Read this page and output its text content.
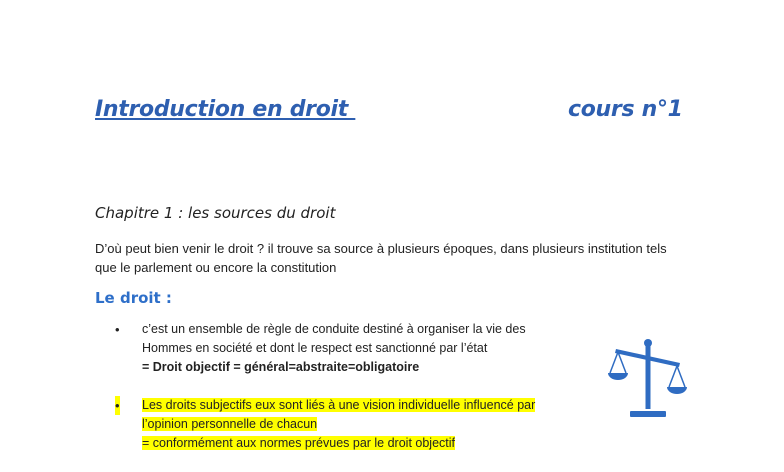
Introduction en droit	cours n°1
Chapitre 1 : les sources du droit
D’où peut bien venir le droit ? il trouve sa source à plusieurs époques, dans plusieurs institution tels
que le parlement ou encore la constitution
Le droit :
• c’est un ensemble de règle de conduite destiné à organiser la vie des
Hommes en société et dont le respect est sanctionné par l’état
= Droit objectif = général=abstraite=obligatoire
• Les droits subjectifs eux sont liés à une vision individuelle influencé par
l’opinion personnelle de chacun
= conformément aux normes prévues par le droit objectif
